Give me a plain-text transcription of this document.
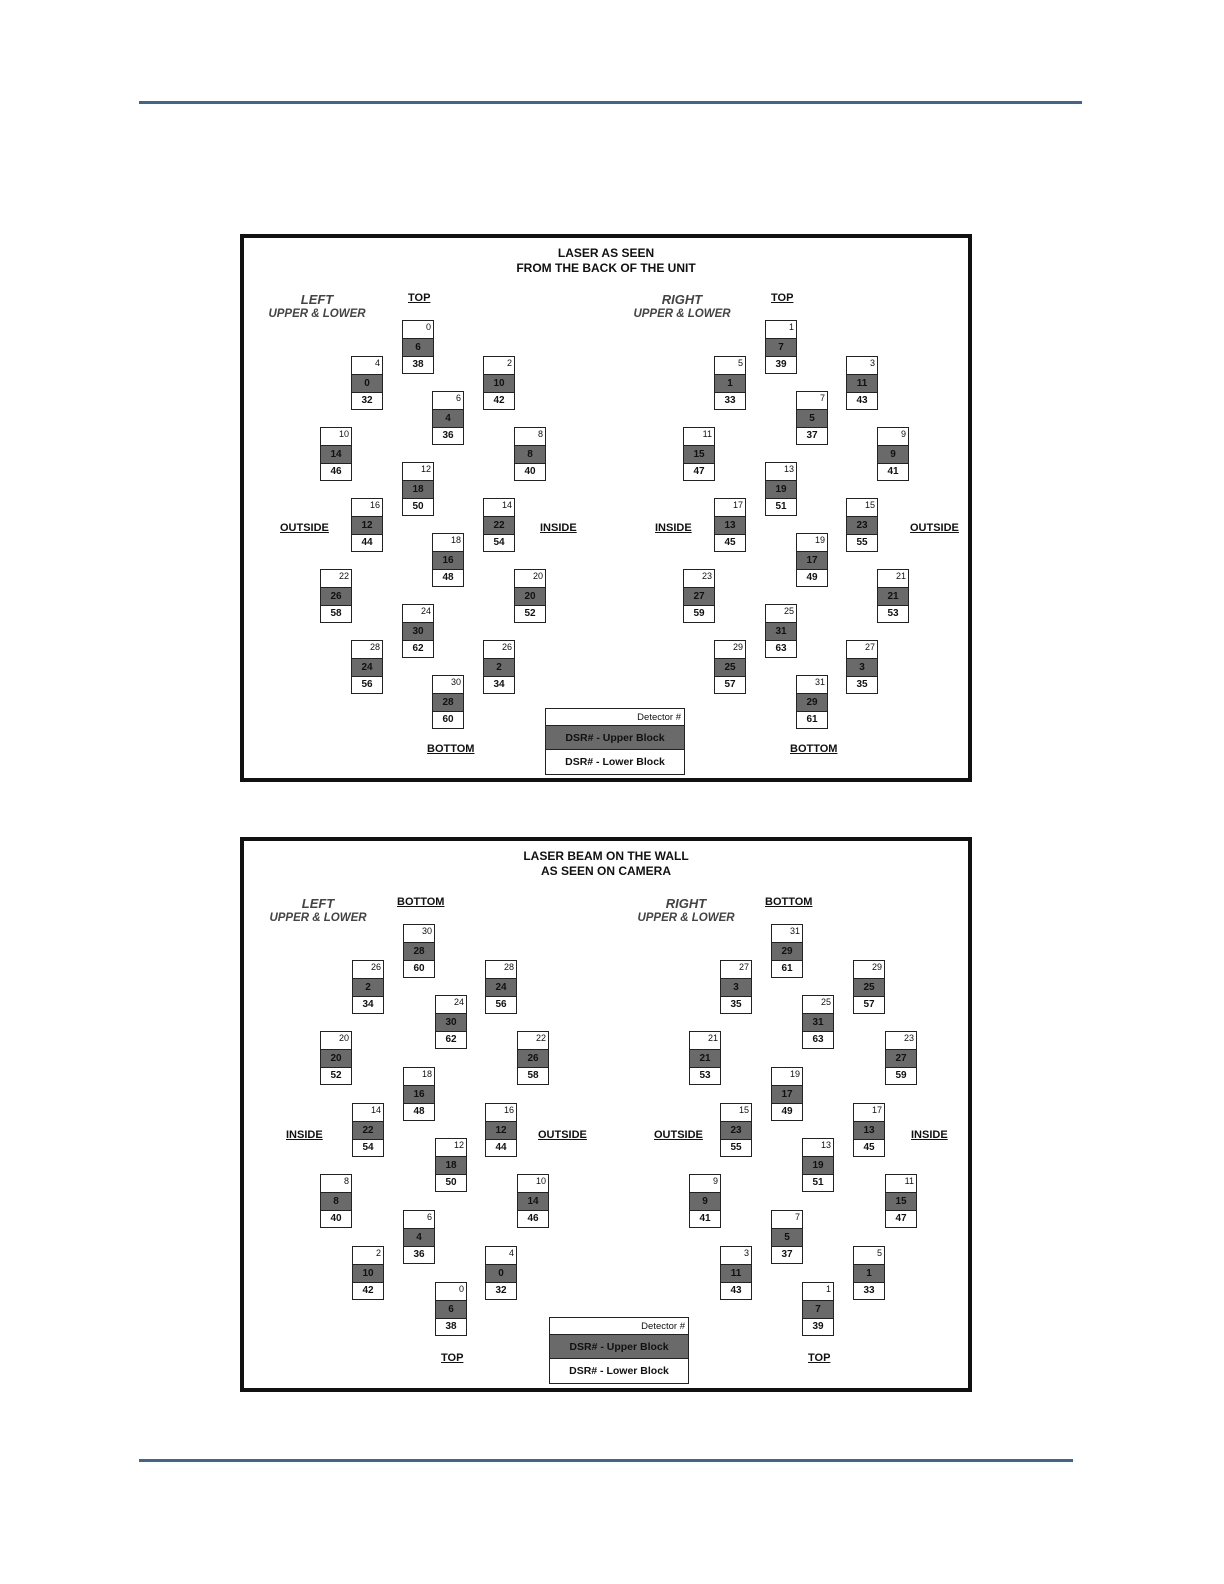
LASER AS SEEN
FROM THE BACK OF THE UNIT
LEFT
UPPER & LOWER
RIGHT
UPPER & LOWER
TOP	TOP
BOTTOM	BOTTOM
OUTSIDE	INSIDE	INSIDE	OUTSIDE
Detector #
DSR# - Upper Block
DSR# - Lower Block
0
6
38
4
0
32
2
10
42
6
4
36
10
14
46
8
8
40
12
18
50
16
12
44
14
22
54
18
16
48
22
26
58
20
20
52
24
30
62
28
24
56
26
2
34
30
28
60
1
7
39
5
1
33
3
11
43
7
5
37
11
15
47
9
9
41
13
19
51
17
13
45
15
23
55
19
17
49
23
27
59
21
21
53
25
31
63
29
25
57
27
3
35
31
29
61
LASER BEAM ON THE WALL
AS SEEN ON CAMERA
LEFT
UPPER & LOWER
RIGHT
UPPER & LOWER
BOTTOM	BOTTOM
TOP	TOP
INSIDE	OUTSIDE	OUTSIDE	INSIDE
Detector #
DSR# - Upper Block
DSR# - Lower Block
30
28
60
26
2
34
28
24
56
24
30
62
20
20
52
22
26
58
18
16
48
14
22
54
16
12
44
12
18
50
8
8
40
10
14
46
6
4
36
2
10
42
4
0
32
0
6
38
31
29
61
27
3
35
29
25
57
25
31
63
21
21
53
23
27
59
19
17
49
15
23
55
17
13
45
13
19
51
9
9
41
11
15
47
7
5
37
3
11
43
5
1
33
1
7
39
